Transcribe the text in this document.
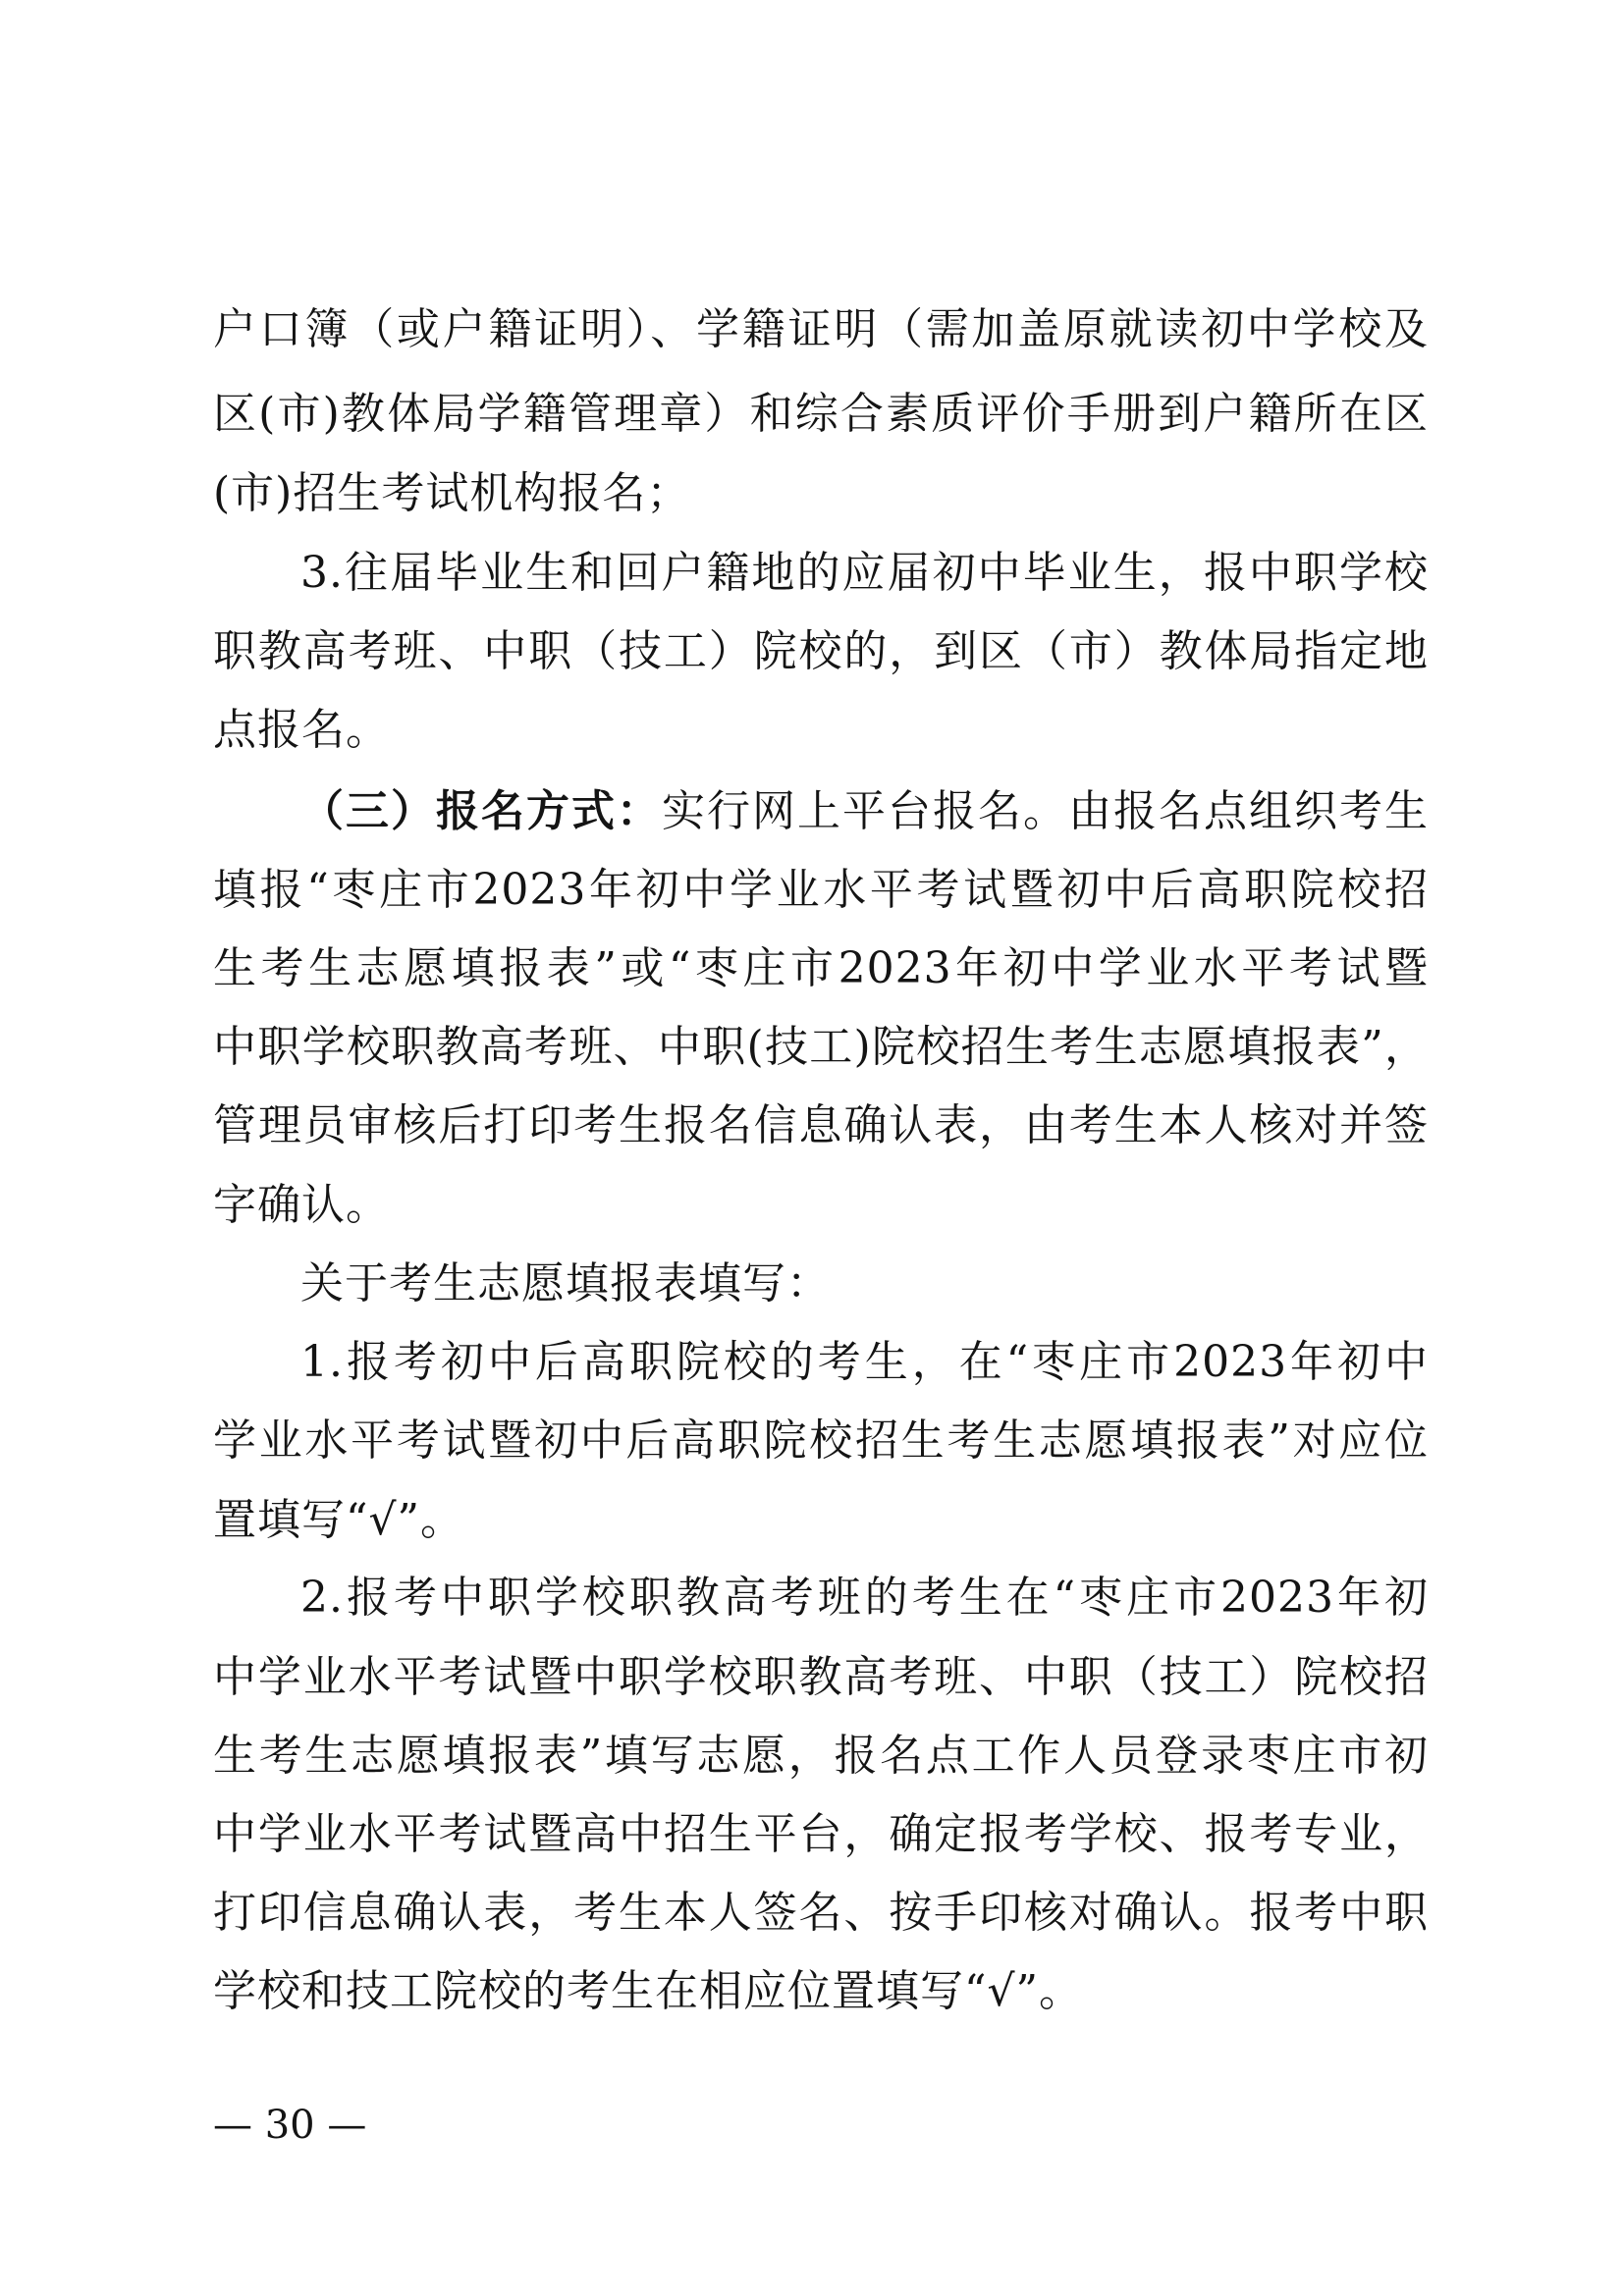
户口簿（或户籍证明）、学籍证明（需加盖原就读初中学校及
区(市)教体局学籍管理章）和综合素质评价手册到户籍所在区
(市)招生考试机构报名；
3.往届毕业生和回户籍地的应届初中毕业生，报中职学校
职教高考班、中职（技工）院校的，到区（市）教体局指定地
点报名。
（三）报名方式：实行网上平台报名。由报名点组织考生
填报“枣庄市2023年初中学业水平考试暨初中后高职院校招
生考生志愿填报表”或“枣庄市2023年初中学业水平考试暨
中职学校职教高考班、中职(技工)院校招生考生志愿填报表”，
管理员审核后打印考生报名信息确认表，由考生本人核对并签
字确认。
关于考生志愿填报表填写：
1.报考初中后高职院校的考生，在“枣庄市2023年初中
学业水平考试暨初中后高职院校招生考生志愿填报表”对应位
置填写“√”。
2.报考中职学校职教高考班的考生在“枣庄市2023年初
中学业水平考试暨中职学校职教高考班、中职（技工）院校招
生考生志愿填报表”填写志愿，报名点工作人员登录枣庄市初
中学业水平考试暨高中招生平台，确定报考学校、报考专业，
打印信息确认表，考生本人签名、按手印核对确认。报考中职
学校和技工院校的考生在相应位置填写“√”。
— 30 —
